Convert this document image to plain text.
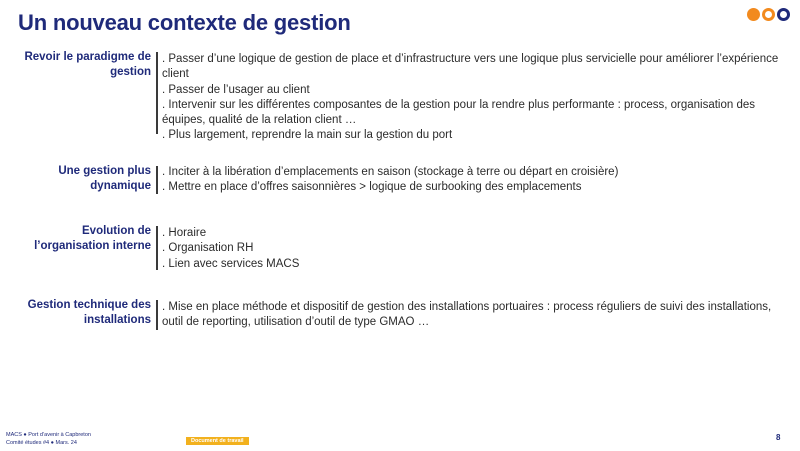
Un nouveau contexte de gestion
Revoir le paradigme de
gestion
. Passer d’une logique de gestion de place et d’infrastructure vers une logique plus servicielle pour améliorer l’expérience client
. Passer de l’usager au client
. Intervenir sur les différentes composantes de la gestion pour la rendre plus performante : process, organisation des équipes, qualité de la relation client …
. Plus largement, reprendre la main sur la gestion du port
Une gestion plus
dynamique
. Inciter à la libération d’emplacements en saison (stockage à terre ou départ en croisière)
. Mettre en place d’offres saisonnières > logique de surbooking des emplacements
Evolution de
l’organisation interne
. Horaire
. Organisation RH
. Lien avec services MACS
Gestion technique des
installations
. Mise en place méthode et dispositif de gestion des installations portuaires : process réguliers de suivi des installations, outil de reporting, utilisation d’outil de type GMAO …
MACS ● Port d’avenir à Capbreton
Comité études #4 ● Mars. 24	Document de travail	8
